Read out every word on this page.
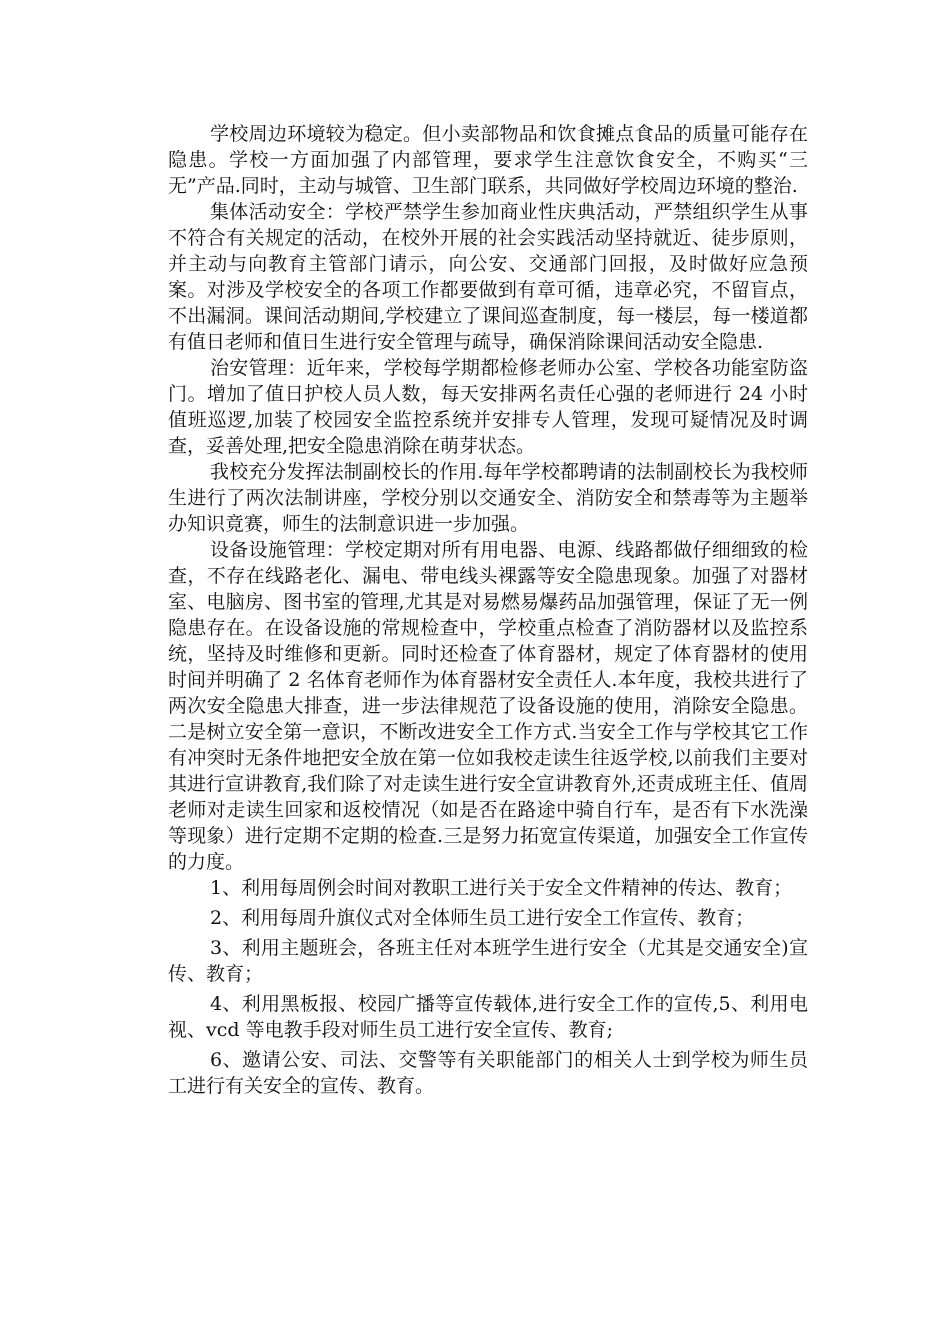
学校周边环境较为稳定。但小卖部物品和饮食摊点食品的质量可能存在隐患。学校一方面加强了内部管理，要求学生注意饮食安全，不购买“三无”产品.同时，主动与城管、卫生部门联系，共同做好学校周边环境的整治.

集体活动安全：学校严禁学生参加商业性庆典活动，严禁组织学生从事不符合有关规定的活动，在校外开展的社会实践活动坚持就近、徒步原则，并主动与向教育主管部门请示，向公安、交通部门回报，及时做好应急预案。对涉及学校安全的各项工作都要做到有章可循，违章必究，不留盲点，不出漏洞。课间活动期间,学校建立了课间巡查制度，每一楼层，每一楼道都有值日老师和值日生进行安全管理与疏导，确保消除课间活动安全隐患.

治安管理：近年来，学校每学期都检修老师办公室、学校各功能室防盗门。增加了值日护校人员人数，每天安排两名责任心强的老师进行 24 小时值班巡逻,加装了校园安全监控系统并安排专人管理，发现可疑情况及时调查，妥善处理,把安全隐患消除在萌芽状态。

我校充分发挥法制副校长的作用.每年学校都聘请的法制副校长为我校师生进行了两次法制讲座，学校分别以交通安全、消防安全和禁毒等为主题举办知识竟赛，师生的法制意识进一步加强。

设备设施管理：学校定期对所有用电器、电源、线路都做仔细细致的检查，不存在线路老化、漏电、带电线头裸露等安全隐患现象。加强了对器材室、电脑房、图书室的管理,尤其是对易燃易爆药品加强管理，保证了无一例隐患存在。在设备设施的常规检查中，学校重点检查了消防器材以及监控系统，坚持及时维修和更新。同时还检查了体育器材，规定了体育器材的使用时间并明确了 2 名体育老师作为体育器材安全责任人.本年度，我校共进行了两次安全隐患大排查，进一步法律规范了设备设施的使用，消除安全隐患。二是树立安全第一意识，不断改进安全工作方式.当安全工作与学校其它工作有冲突时无条件地把安全放在第一位如我校走读生往返学校,以前我们主要对其进行宣讲教育,我们除了对走读生进行安全宣讲教育外,还责成班主任、值周老师对走读生回家和返校情况（如是否在路途中骑自行车，是否有下水洗澡等现象）进行定期不定期的检查.三是努力拓宽宣传渠道，加强安全工作宣传的力度。

1、利用每周例会时间对教职工进行关于安全文件精神的传达、教育；

2、利用每周升旗仪式对全体师生员工进行安全工作宣传、教育；

3、利用主题班会，各班主任对本班学生进行安全（尤其是交通安全)宣传、教育；

4、利用黑板报、校园广播等宣传载体,进行安全工作的宣传,5、利用电视、vcd 等电教手段对师生员工进行安全宣传、教育;

6、邀请公安、司法、交警等有关职能部门的相关人士到学校为师生员工进行有关安全的宣传、教育。
